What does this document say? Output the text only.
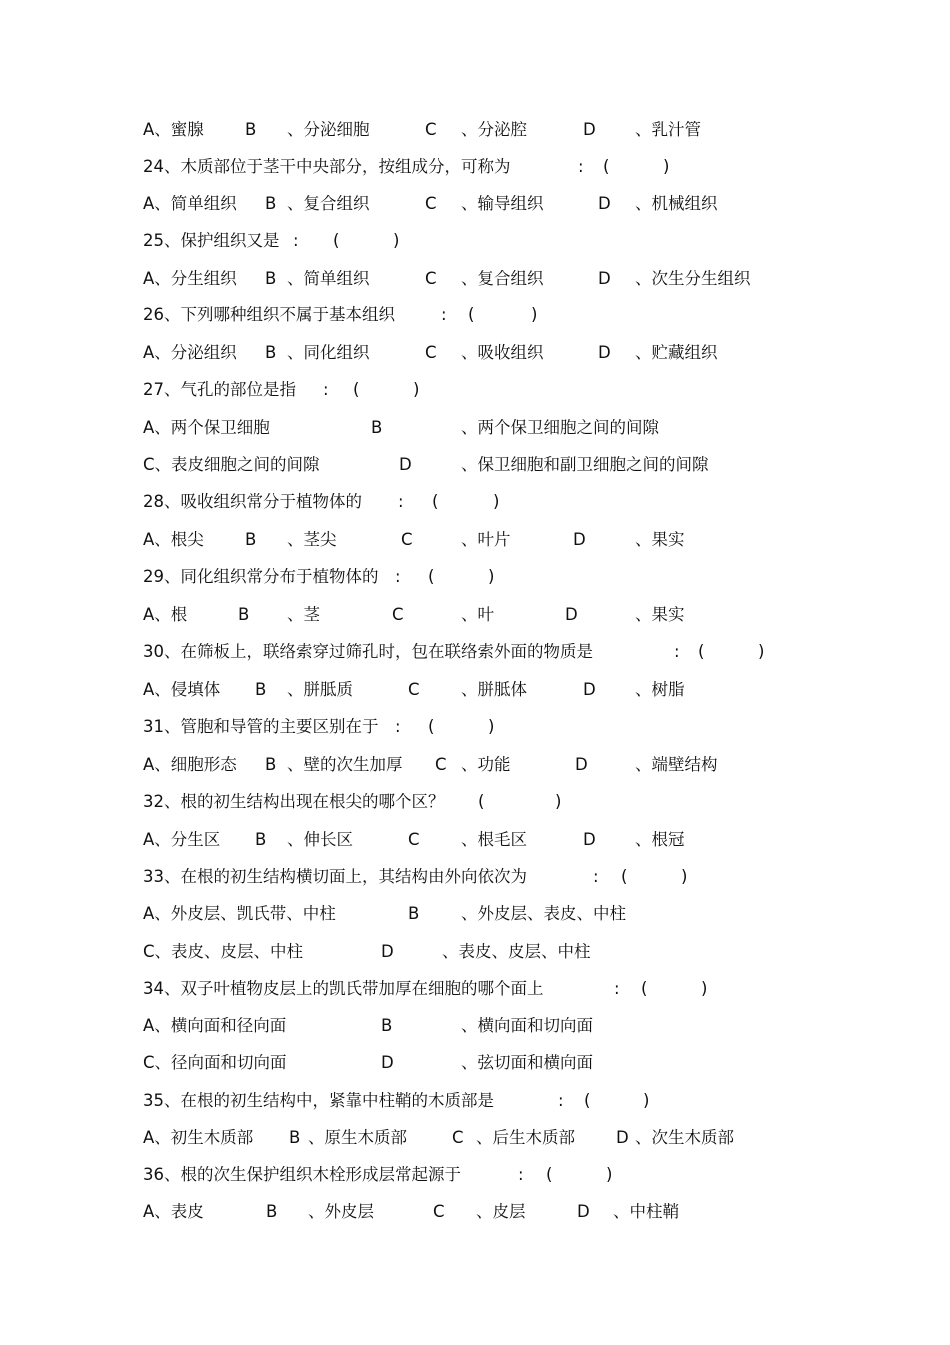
A、蜜腺 B 、分泌细胞	C 、分泌腔	D 、乳汁管
24、木质部位于茎干中央部分，按组成分，可称为	: (	)
A、简单组织 B 、复合组织	C 、输导组织	D 、机械组织
25、保护组织又是 : (	)
A、分生组织 B 、简单组织	C 、复合组织	D 、次生分生组织
26、下列哪种组织不属于基本组织	: (	)
A、分泌组织 B 、同化组织	C 、吸收组织	D 、贮藏组织
27、气孔的部位是指 : (	)
A、两个保卫细胞	B	、两个保卫细胞之间的间隙
C、表皮细胞之间的间隙	D	、保卫细胞和副卫细胞之间的间隙
28、吸收组织常分于植物体的 : (	)
A、根尖 B 、茎尖	C	、叶片	D	、果实
29、同化组织常分布于植物体的 : (	)
A、根	B 、茎	C	、叶	D	、果实
30、在筛板上，联络索穿过筛孔时，包在联络索外面的物质是	: (	)
A、侵填体 B 、胼胝质	C	、胼胝体	D 、树脂
31、管胞和导管的主要区别在于 : (	)
A、细胞形态 B 、壁的次生加厚 C 、功能	D	、端壁结构
32、根的初生结构出现在根尖的哪个区？ (	)
A、分生区 B 、伸长区	C	、根毛区	D 、根冠
33、在根的初生结构横切面上，其结构由外向依次为	: (	)
A、外皮层、凯氏带、中柱	B	、外皮层、表皮、中柱
C、表皮、皮层、中柱	D	、表皮、皮层、中柱
34、双子叶植物皮层上的凯氏带加厚在细胞的哪个面上	: (	)
A、横向面和径向面	B	、横向面和切向面
C、径向面和切向面	D	、弦切面和横向面
35、在根的初生结构中，紧靠中柱鞘的木质部是	: (	)
A、初生木质部 B 、原生木质部	C 、后生木质部 D 、次生木质部
36、根的次生保护组织木栓形成层常起源于	: (	)
A、表皮	B 、外皮层	C 、皮层	D 、中柱鞘
